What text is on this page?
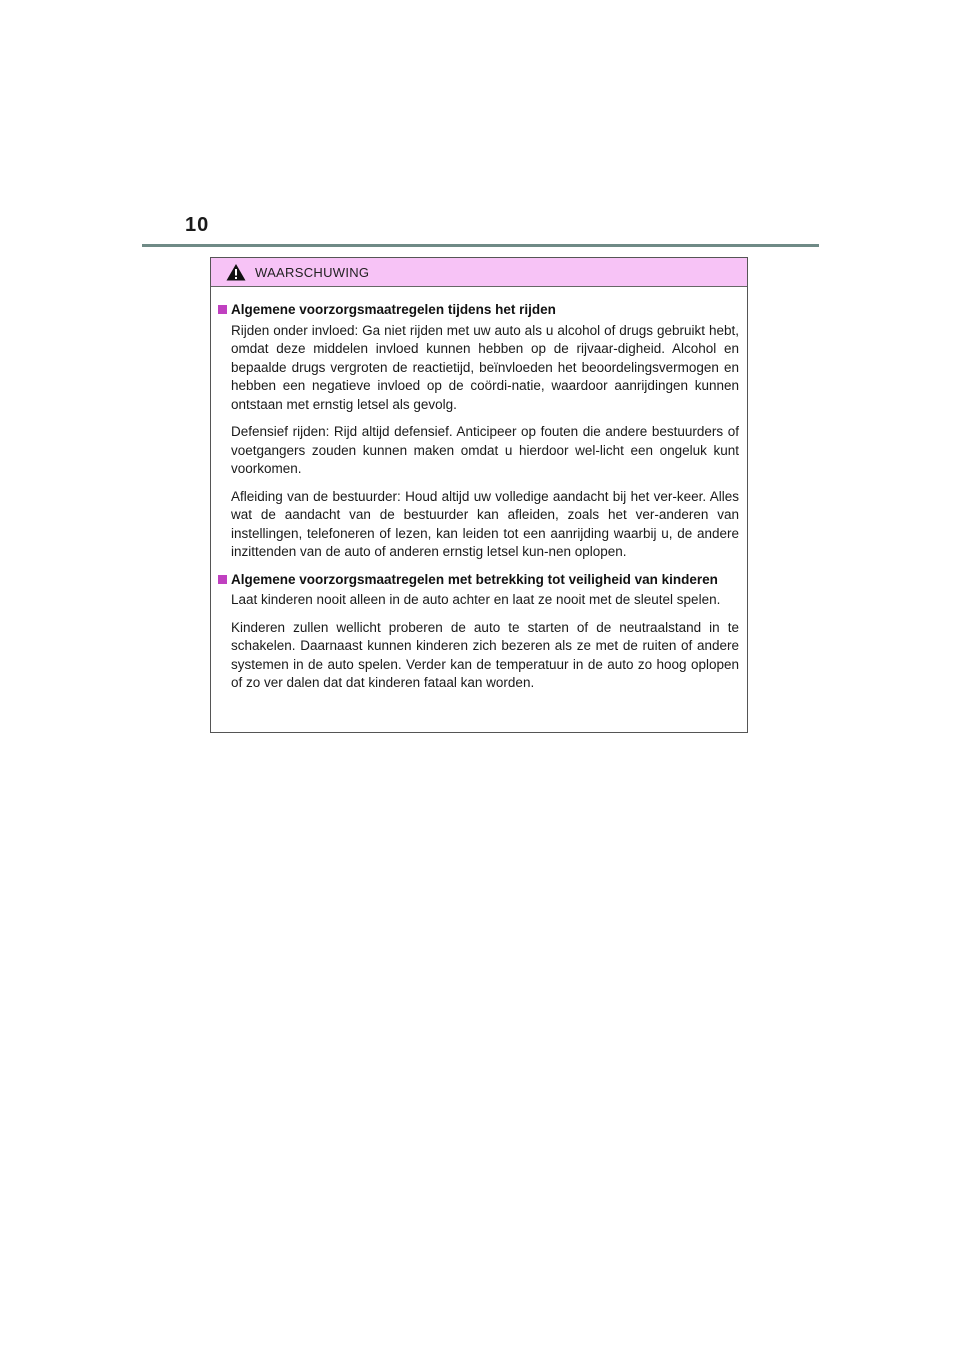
10
WAARSCHUWING
Algemene voorzorgsmaatregelen tijdens het rijden

Rijden onder invloed: Ga niet rijden met uw auto als u alcohol of drugs gebruikt hebt, omdat deze middelen invloed kunnen hebben op de rijvaar-digheid. Alcohol en bepaalde drugs vergroten de reactietijd, beïnvloeden het beoordelingsvermogen en hebben een negatieve invloed op de coördi-natie, waardoor aanrijdingen kunnen ontstaan met ernstig letsel als gevolg.

Defensief rijden: Rijd altijd defensief. Anticipeer op fouten die andere bestuurders of voetgangers zouden kunnen maken omdat u hierdoor wel-licht een ongeluk kunt voorkomen.

Afleiding van de bestuurder: Houd altijd uw volledige aandacht bij het ver-keer. Alles wat de aandacht van de bestuurder kan afleiden, zoals het ver-anderen van instellingen, telefoneren of lezen, kan leiden tot een aanrijding waarbij u, de andere inzittenden van de auto of anderen ernstig letsel kun-nen oplopen.

Algemene voorzorgsmaatregelen met betrekking tot veiligheid van kinderen

Laat kinderen nooit alleen in de auto achter en laat ze nooit met de sleutel spelen.

Kinderen zullen wellicht proberen de auto te starten of de neutraalstand in te schakelen. Daarnaast kunnen kinderen zich bezeren als ze met de ruiten of andere systemen in de auto spelen. Verder kan de temperatuur in de auto zo hoog oplopen of zo ver dalen dat dat kinderen fataal kan worden.
